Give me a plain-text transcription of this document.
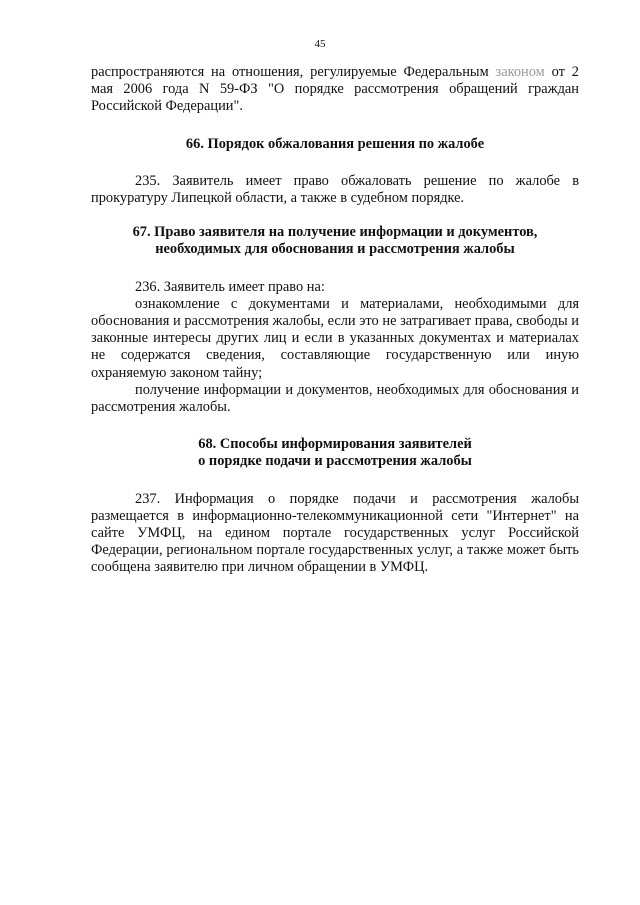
45

распространяются на отношения, регулируемые Федеральным законом от 2 мая 2006 года N 59-ФЗ "О порядке рассмотрения обращений граждан Российской Федерации".

66. Порядок обжалования решения по жалобе

235. Заявитель имеет право обжаловать решение по жалобе в прокуратуру Липецкой области, а также в судебном порядке.

67. Право заявителя на получение информации и документов,

необходимых для обоснования и рассмотрения жалобы

236. Заявитель имеет право на:

ознакомление с документами и материалами, необходимыми для обоснования и рассмотрения жалобы, если это не затрагивает права, свободы и законные интересы других лиц и если в указанных документах и материалах не содержатся сведения, составляющие государственную или иную охраняемую законом тайну;

получение информации и документов, необходимых для обоснования и рассмотрения жалобы.

68. Способы информирования заявителей

о порядке подачи и рассмотрения жалобы

237. Информация о порядке подачи и рассмотрения жалобы размещается в информационно-телекоммуникационной сети "Интернет" на сайте УМФЦ, на едином портале государственных услуг Российской Федерации, региональном портале государственных услуг, а также может быть сообщена заявителю при личном обращении в УМФЦ.
